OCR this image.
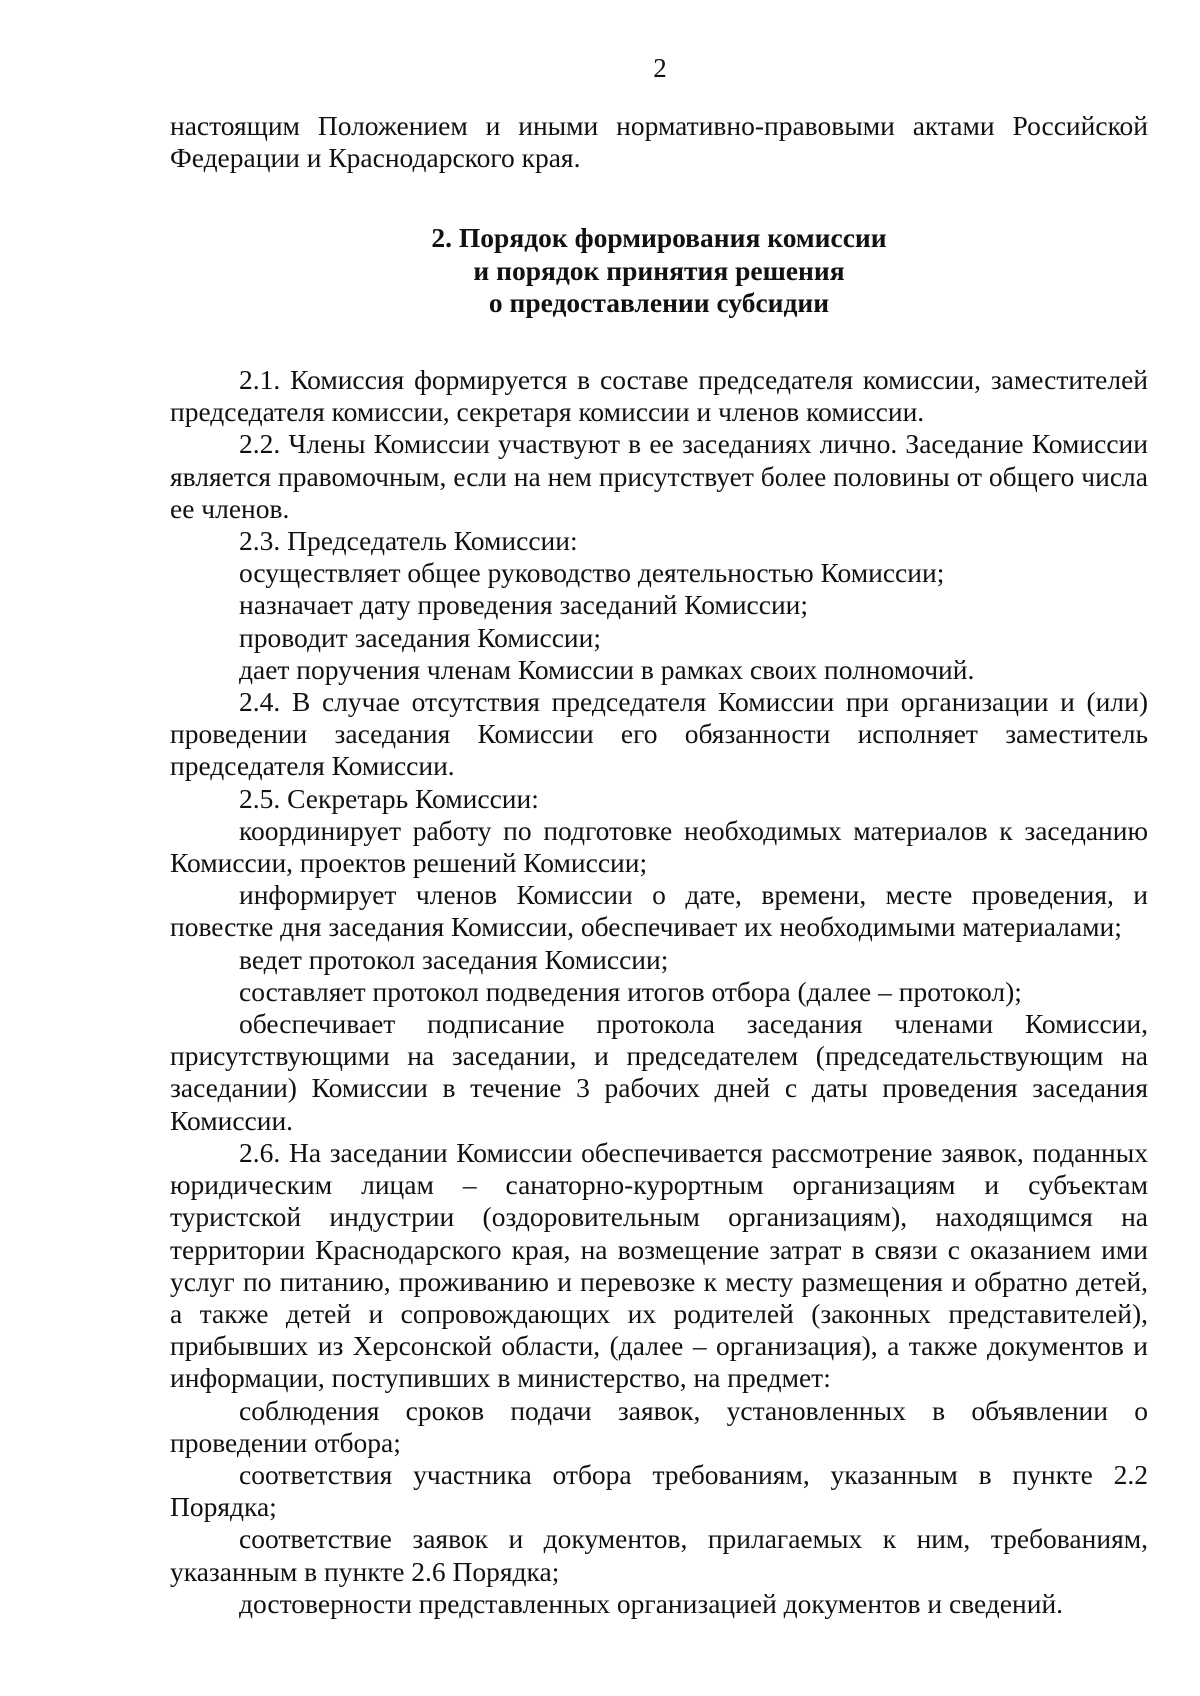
2

настоящим Положением и иными нормативно-правовыми актами Российской Федерации и Краснодарского края.

2. Порядок формирования комиссии
и порядок принятия решения
о предоставлении субсидии

2.1. Комиссия формируется в составе председателя комиссии, заместителей председателя комиссии, секретаря комиссии и членов комиссии.

2.2. Члены Комиссии участвуют в ее заседаниях лично. Заседание Комиссии является правомочным, если на нем присутствует более половины от общего числа ее членов.

2.3. Председатель Комиссии:

осуществляет общее руководство деятельностью Комиссии;

назначает дату проведения заседаний Комиссии;

проводит заседания Комиссии;

дает поручения членам Комиссии в рамках своих полномочий.

2.4. В случае отсутствия председателя Комиссии при организации и (или) проведении заседания Комиссии его обязанности исполняет заместитель председателя Комиссии.

2.5. Секретарь Комиссии:

координирует работу по подготовке необходимых материалов к заседанию Комиссии, проектов решений Комиссии;

информирует членов Комиссии о дате, времени, месте проведения, и повестке дня заседания Комиссии, обеспечивает их необходимыми материалами;

ведет протокол заседания Комиссии;

составляет протокол подведения итогов отбора (далее – протокол);

обеспечивает подписание протокола заседания членами Комиссии, присутствующими на заседании, и председателем (председательствующим на заседании) Комиссии в течение 3 рабочих дней с даты проведения заседания Комиссии.

2.6. На заседании Комиссии обеспечивается рассмотрение заявок, поданных юридическим лицам – санаторно-курортным организациям и субъектам туристской индустрии (оздоровительным организациям), находящимся на территории Краснодарского края, на возмещение затрат в связи с оказанием ими услуг по питанию, проживанию и перевозке к месту размещения и обратно детей, а также детей и сопровождающих их родителей (законных представителей), прибывших из Херсонской области, (далее – организация), а также документов и информации, поступивших в министерство, на предмет:

соблюдения сроков подачи заявок, установленных в объявлении о проведении отбора;

соответствия участника отбора требованиям, указанным в пункте 2.2 Порядка;

соответствие заявок и документов, прилагаемых к ним, требованиям, указанным в пункте 2.6 Порядка;

достоверности представленных организацией документов и сведений.
